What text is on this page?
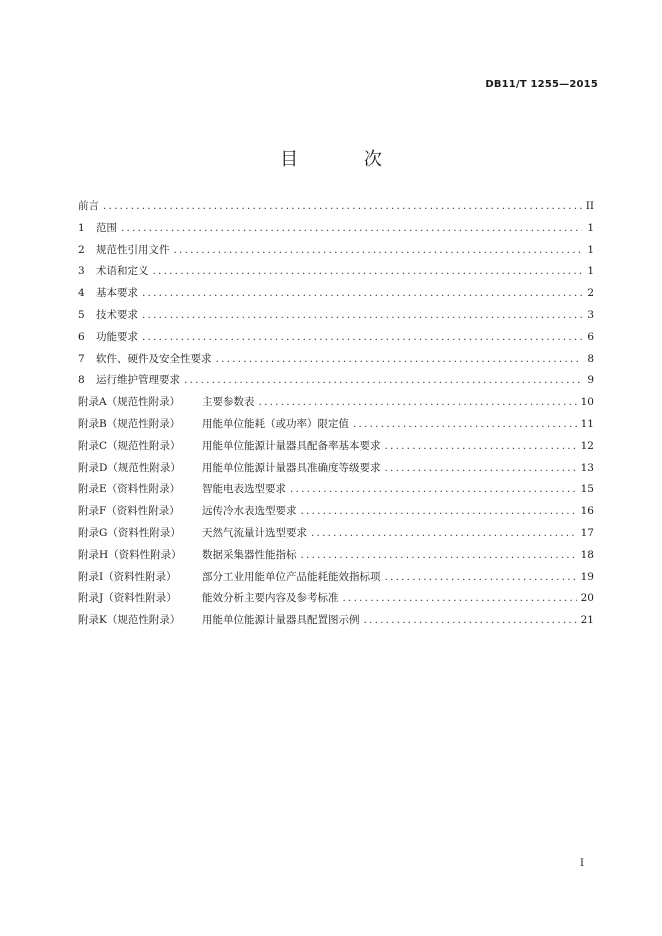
DB11/T 1255—2015
目 次
前言 .....	II
1	范围 .....	1
2	规范性引用文件 .....	1
3	术语和定义 .....	1
4	基本要求 .....	2
5	技术要求 .....	3
6	功能要求 .....	6
7	软件、硬件及安全性要求 .....	8
8	运行维护管理要求 .....	9
附录A（规范性附录）	主要参数表 .....	10
附录B（规范性附录）	用能单位能耗（或功率）限定值 .....	11
附录C（规范性附录）	用能单位能源计量器具配备率基本要求 .....	12
附录D（规范性附录）	用能单位能源计量器具准确度等级要求 .....	13
附录E（资料性附录）	智能电表选型要求 .....	15
附录F（资料性附录）	远传冷水表选型要求 .....	16
附录G（资料性附录）	天然气流量计选型要求 .....	17
附录H（资料性附录）	数据采集器性能指标 .....	18
附录I（资料性附录）	部分工业用能单位产品能耗能效指标项 .....	19
附录J（资料性附录）	能效分析主要内容及参考标准 .....	20
附录K（规范性附录）	用能单位能源计量器具配置图示例 .....	21
I
